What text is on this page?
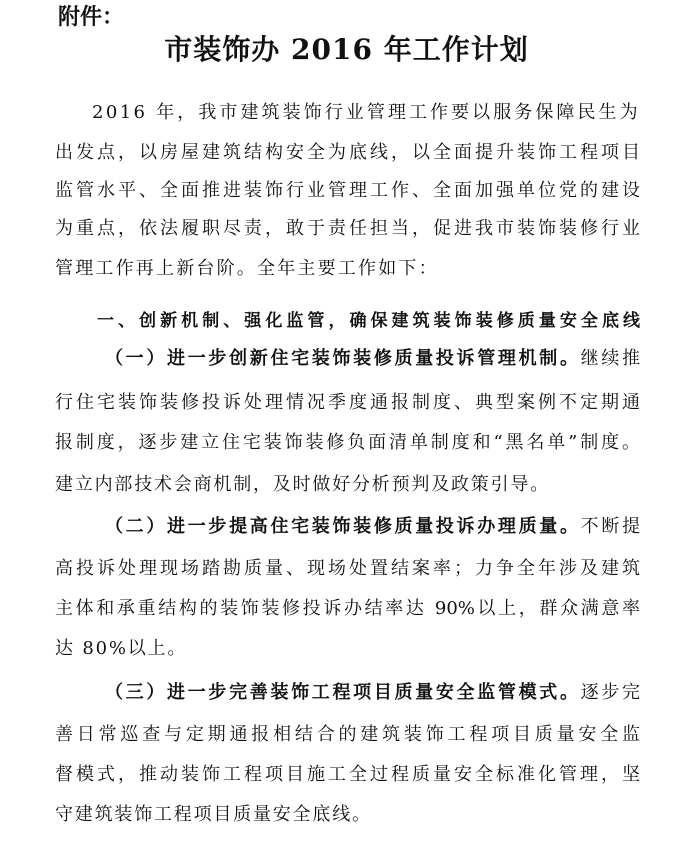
附件：
市装饰办 2016 年工作计划
2016 年，我市建筑装饰行业管理工作要以服务保障民生为
出发点，以房屋建筑结构安全为底线，以全面提升装饰工程项目
监管水平、全面推进装饰行业管理工作、全面加强单位党的建设
为重点，依法履职尽责，敢于责任担当，促进我市装饰装修行业
管理工作再上新台阶。全年主要工作如下：
一、创新机制、强化监管，确保建筑装饰装修质量安全底线
（一）进一步创新住宅装饰装修质量投诉管理机制。继续推
行住宅装饰装修投诉处理情况季度通报制度、典型案例不定期通
报制度，逐步建立住宅装饰装修负面清单制度和“黑名单”制度。
建立内部技术会商机制，及时做好分析预判及政策引导。
（二）进一步提高住宅装饰装修质量投诉办理质量。不断提
高投诉处理现场踏勘质量、现场处置结案率；力争全年涉及建筑
主体和承重结构的装饰装修投诉办结率达 90%以上，群众满意率
达 80%以上。
（三）进一步完善装饰工程项目质量安全监管模式。逐步完
善日常巡查与定期通报相结合的建筑装饰工程项目质量安全监
督模式，推动装饰工程项目施工全过程质量安全标准化管理，坚
守建筑装饰工程项目质量安全底线。
